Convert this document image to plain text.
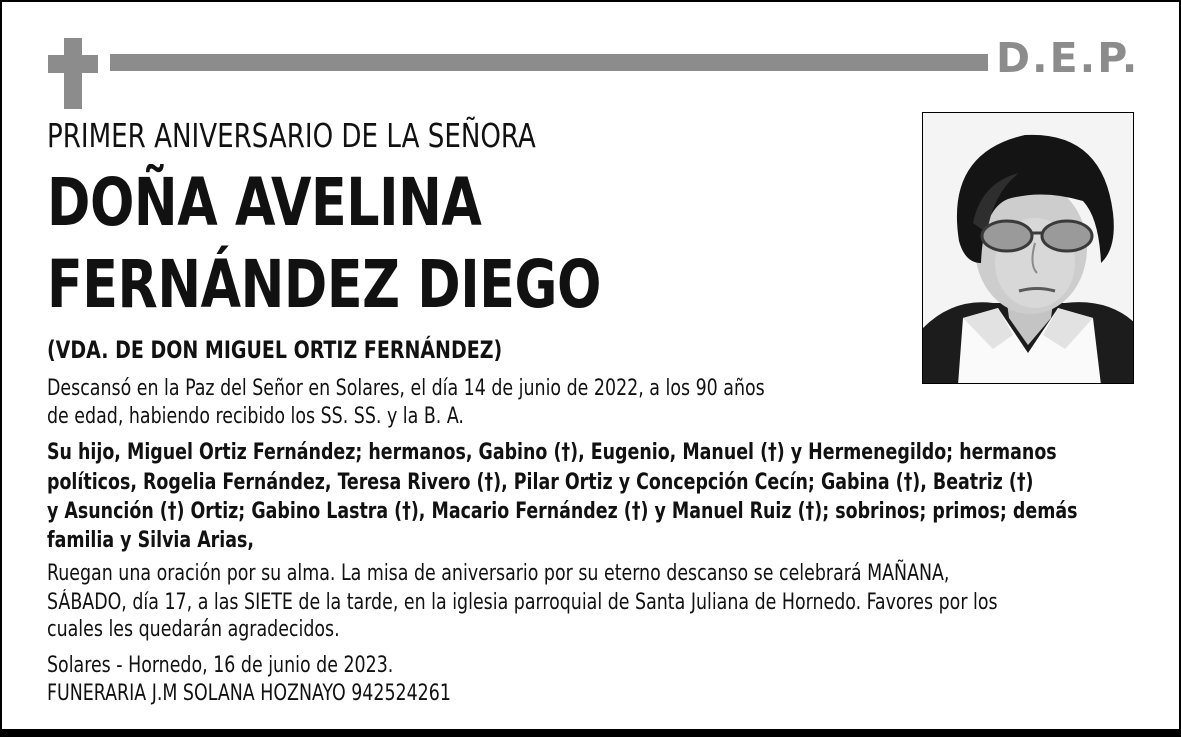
D.E.P.
PRIMER ANIVERSARIO DE LA SEÑORA
DOÑA AVELINA
FERNÁNDEZ DIEGO
(VDA. DE DON MIGUEL ORTIZ FERNÁNDEZ)
Descansó en la Paz del Señor en Solares, el día 14 de junio de 2022, a los 90 años
de edad, habiendo recibido los SS. SS. y la B. A.
Su hijo, Miguel Ortiz Fernández; hermanos, Gabino (†), Eugenio, Manuel (†) y Hermenegildo; hermanos
políticos, Rogelia Fernández, Teresa Rivero (†), Pilar Ortiz y Concepción Cecín; Gabina (†), Beatriz (†)
y Asunción (†) Ortiz; Gabino Lastra (†), Macario Fernández (†) y Manuel Ruiz (†); sobrinos; primos; demás
familia y Silvia Arias,
Ruegan una oración por su alma. La misa de aniversario por su eterno descanso se celebrará MAÑANA,
SÁBADO, día 17, a las SIETE de la tarde, en la iglesia parroquial de Santa Juliana de Hornedo. Favores por los
cuales les quedarán agradecidos.
Solares - Hornedo, 16 de junio de 2023.
FUNERARIA J.M SOLANA HOZNAYO 942524261
